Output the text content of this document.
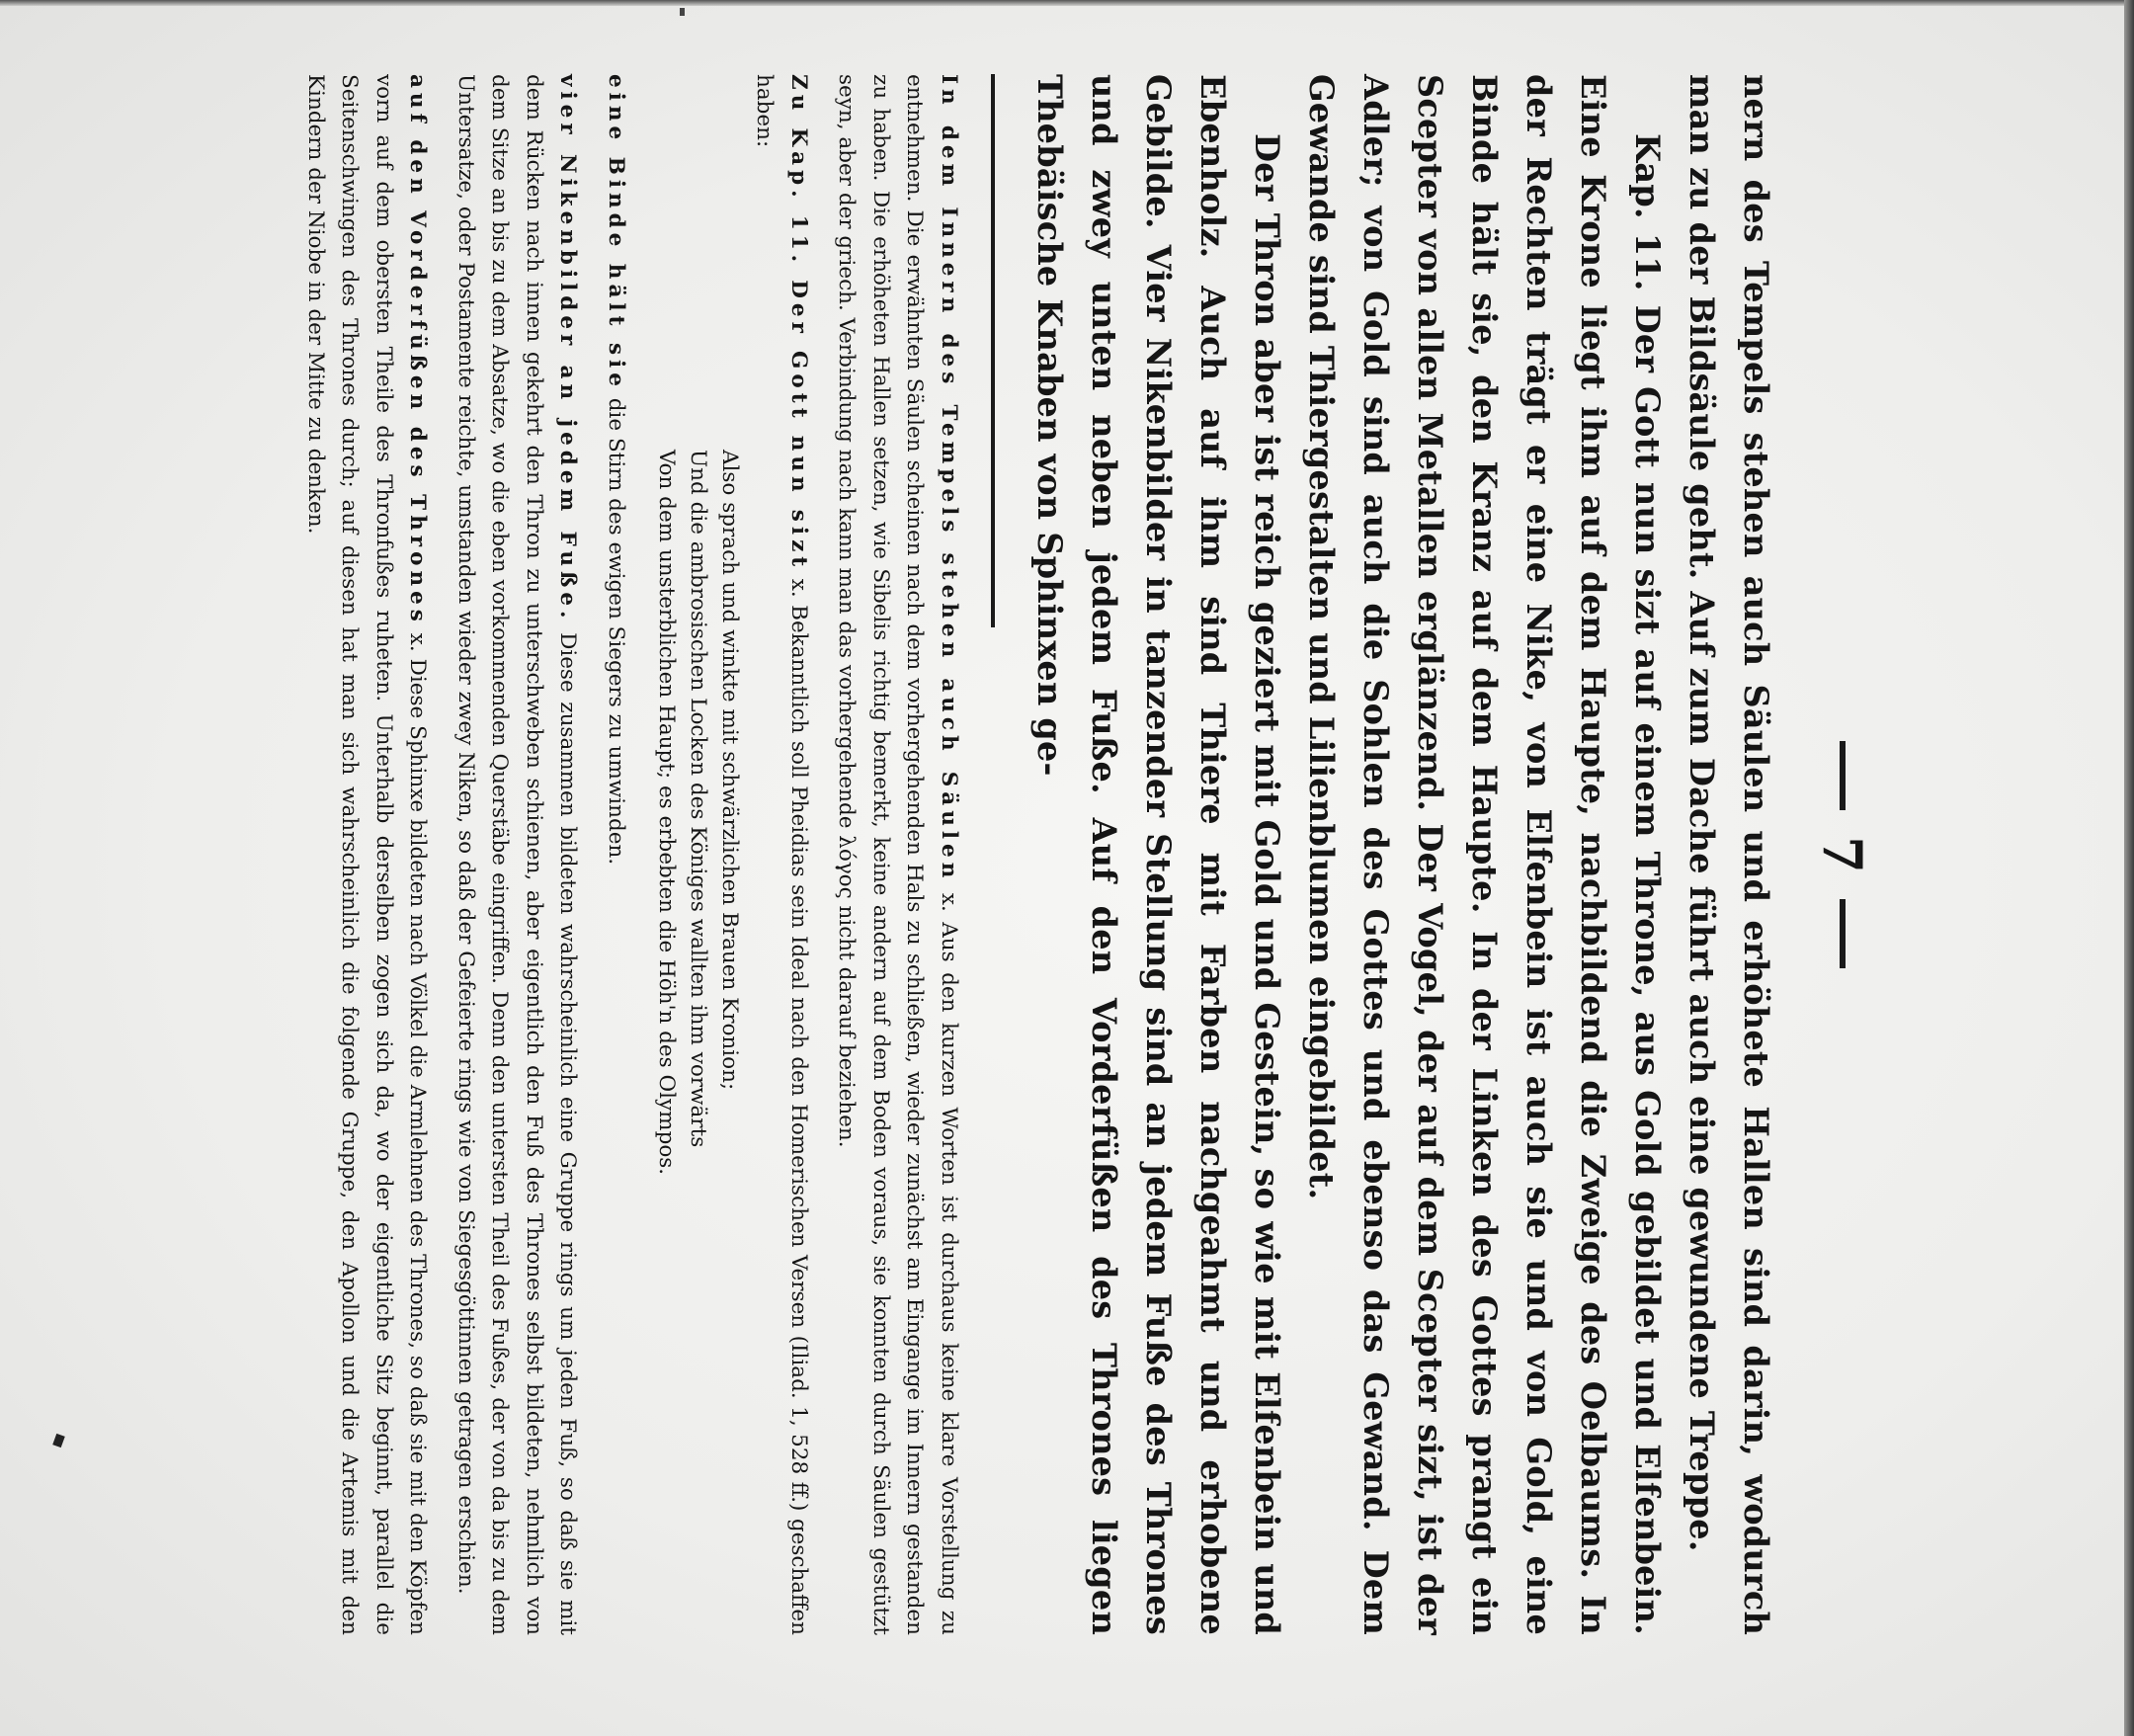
7

nern des Tempels stehen auch Säulen und erhöhete Hallen sind darin, wodurch man zu der Bildsäule geht. Auf zum Dache führt auch eine gewundene Treppe.

Kap. 11. Der Gott nun sizt auf einem Throne, aus Gold gebildet und Elfenbein. Eine Krone liegt ihm auf dem Haupte, nachbildend die Zweige des Oelbaums. In der Rechten trägt er eine Nike, von Elfenbein ist auch sie und von Gold, eine Binde hält sie, den Kranz auf dem Haupte. In der Linken des Gottes prangt ein Scepter von allen Metallen erglänzend. Der Vogel, der auf dem Scepter sizt, ist der Adler; von Gold sind auch die Sohlen des Gottes und ebenso das Gewand. Dem Gewande sind Thiergestalten und Lilienblumen eingebildet.

Der Thron aber ist reich geziert mit Gold und Gestein, so wie mit Elfenbein und Ebenholz. Auch auf ihm sind Thiere mit Farben nachgeahmt und erhobene Gebilde. Vier Nikenbilder in tanzender Stellung sind an jedem Fuße des Thrones und zwey unten neben jedem Fuße. Auf den Vorderfüßen des Thrones liegen Thebäische Knaben von Sphinxen ge-

In dem Innern des Tempels stehen auch Säulen x. Aus den kurzen Worten ist durchaus keine klare Vorstellung zu entnehmen. Die erwähnten Säulen scheinen nach dem vorhergehenden Hals zu schließen, wieder zunächst am Eingange im Innern gestanden zu haben. Die erhöheten Hallen setzen, wie Sibelis richtig bemerkt, keine andern auf dem Boden voraus, sie konnten durch Säulen gestützt seyn, aber der griech. Verbindung nach kann man das vorhergehende λόγος nicht darauf beziehen.

Zu Kap. 11. Der Gott nun sizt x. Bekanntlich soll Pheidias sein Ideal nach den Homerischen Versen (Iliad. 1, 528 ff.) geschaffen haben:

Also sprach und winkte mit schwärzlichen Brauen Kronion;
Und die ambrosischen Locken des Königes wallten ihm vorwärts
Von dem unsterblichen Haupt; es erbebten die Höh'n des Olympos.

eine Binde hält sie die Stirn des ewigen Siegers zu umwinden.

vier Nikenbilder an jedem Fuße. Diese zusammen bildeten wahrscheinlich eine Gruppe rings um jeden Fuß, so daß sie mit dem Rücken nach innen gekehrt den Thron zu unterschweben schienen, aber eigentlich den Fuß des Thrones selbst bildeten, nehmlich von dem Sitze an bis zu dem Absatze, wo die eben vorkommenden Querstäbe eingriffen. Denn den untersten Theil des Fußes, der von da bis zu dem Untersatze, oder Postamente reichte, umstanden wieder zwey Niken, so daß der Gefeierte rings wie von Siegesgöttinnen getragen erschien.

auf den Vorderfüßen des Thrones x. Diese Sphinxe bildeten nach Völkel die Armlehnen des Thrones, so daß sie mit den Köpfen vorn auf dem obersten Theile des Thronfußes ruheten. Unterhalb derselben zogen sich da, wo der eigentliche Sitz beginnt, parallel die Seitenschwingen des Thrones durch; auf diesen hat man sich wahrscheinlich die folgende Gruppe, den Apollon und die Artemis mit den Kindern der Niobe in der Mitte zu denken.
